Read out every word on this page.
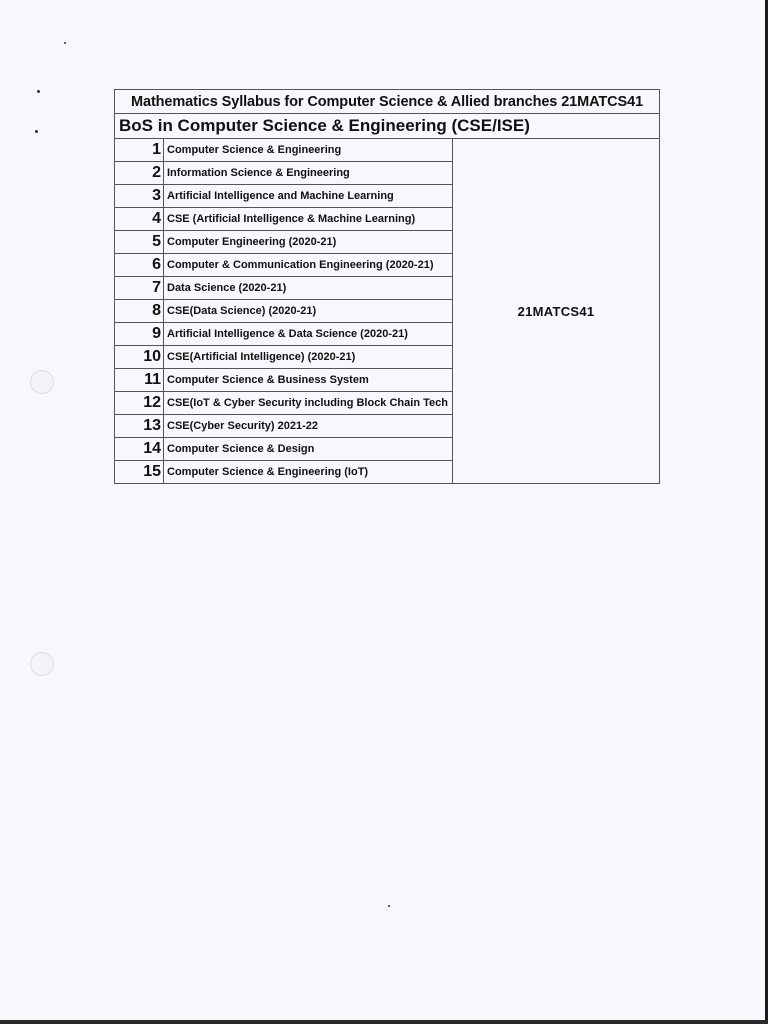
Mathematics Syllabus for Computer Science & Allied branches 21MATCS41		
BoS in Computer Science & Engineering (CSE/ISE)		
1	Computer Science & Engineering	21MATCS41
2	Information Science & Engineering	
3	Artificial Intelligence and Machine Learning	
4	CSE (Artificial Intelligence & Machine Learning)	
5	Computer Engineering (2020-21)	
6	Computer & Communication Engineering (2020-21)	
7	Data Science (2020-21)	
8	CSE(Data Science) (2020-21)	
9	Artificial Intelligence & Data Science (2020-21)	
10	CSE(Artificial Intelligence) (2020-21)	
11	Computer Science & Business System	
12	CSE(IoT & Cyber Security including Block Chain Tech	
13	CSE(Cyber Security) 2021-22	
14	Computer Science & Design	
15	Computer Science & Engineering (IoT)	
